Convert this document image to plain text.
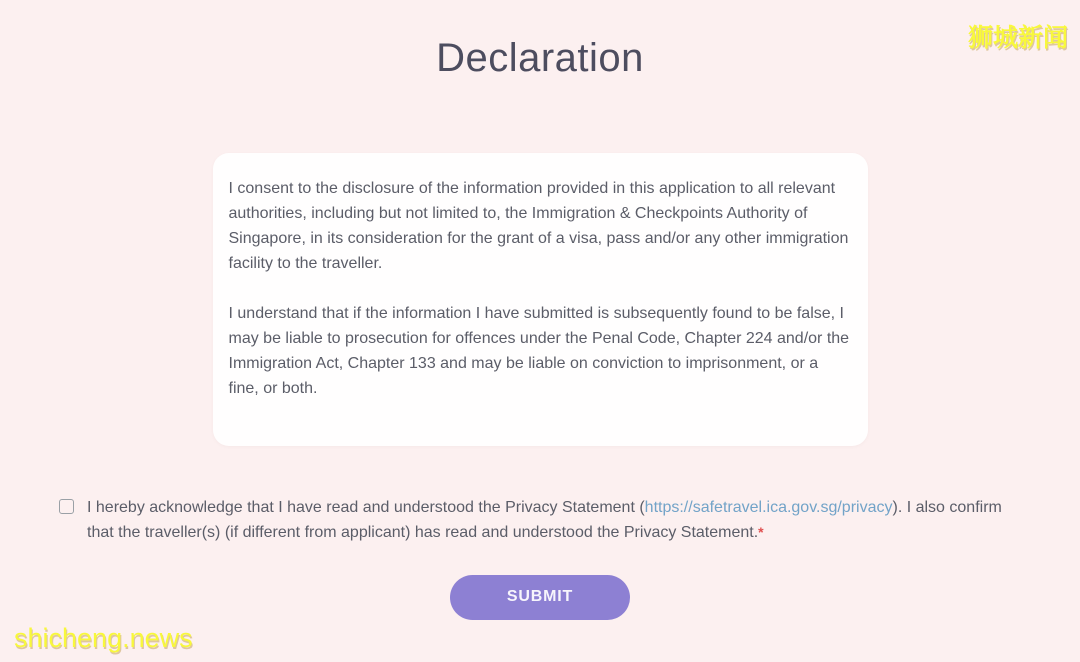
Declaration

I consent to the disclosure of the information provided in this application to all relevant authorities, including but not limited to, the Immigration & Checkpoints Authority of Singapore, in its consideration for the grant of a visa, pass and/or any other immigration facility to the traveller.

I understand that if the information I have submitted is subsequently found to be false, I may be liable to prosecution for offences under the Penal Code, Chapter 224 and/or the Immigration Act, Chapter 133 and may be liable on conviction to imprisonment, or a fine, or both.

I hereby acknowledge that I have read and understood the Privacy Statement (https://safetravel.ica.gov.sg/privacy). I also confirm that the traveller(s) (if different from applicant) has read and understood the Privacy Statement.*
SUBMIT
狮城新闻
shicheng.news
